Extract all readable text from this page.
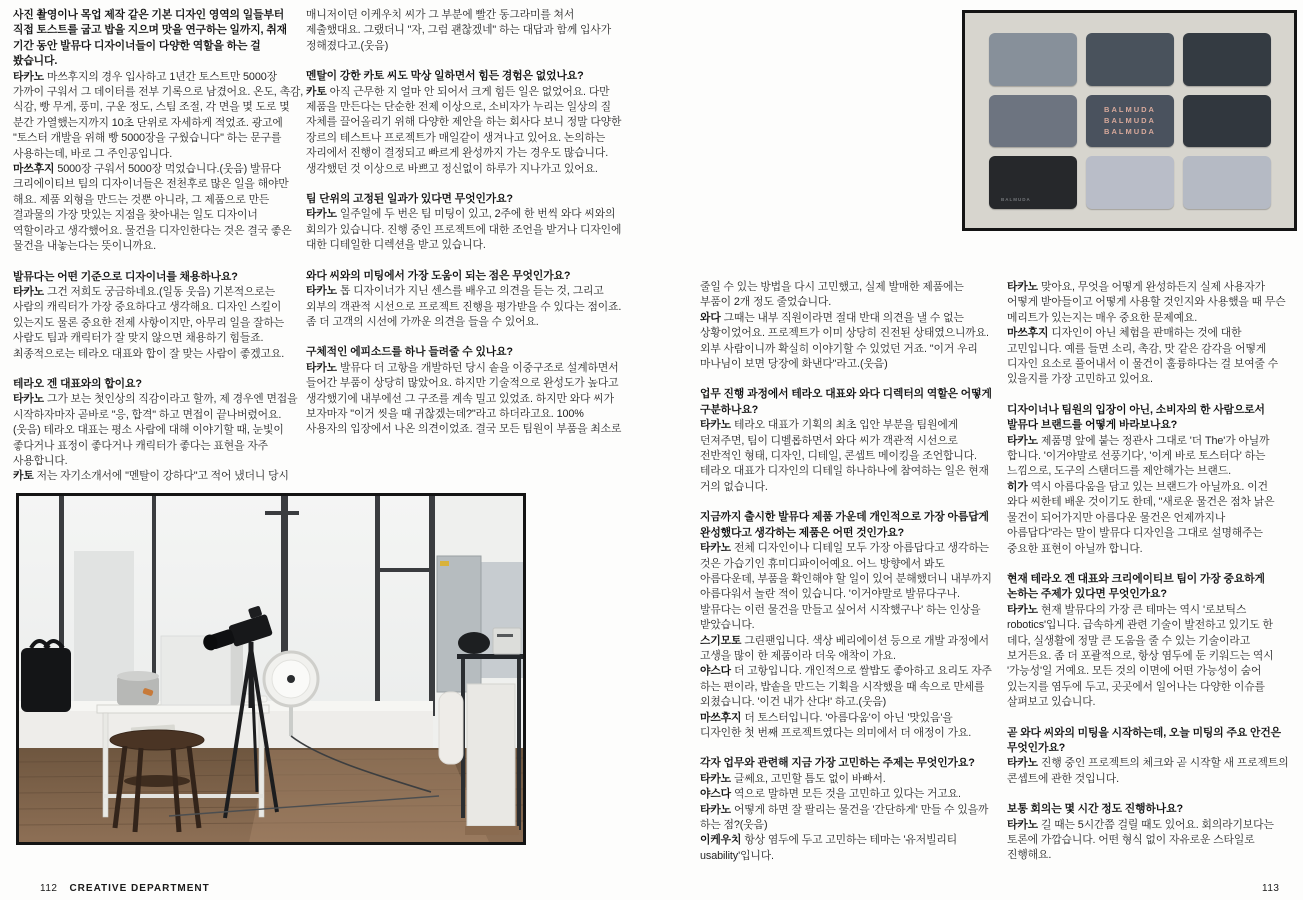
사진 촬영이나 목업 제작 같은 기본 디자인 영역의 일들부터 직접 토스트를 굽고 밥을 지으며 맛을 연구하는 일까지, 취재 기간 동안 발뮤다 디자이너들이 다양한 역할을 하는 걸 봤습니다.

타카노 마쓰후지의 경우 입사하고 1년간 토스트만 5000장 가까이 구워서 그 데이터를 전부 기록으로 남겼어요. 온도, 촉감, 식감, 빵 무게, 풍미, 구운 정도, 스팀 조절, 각 면을 몇 도로 몇 분간 가열했는지까지 10초 단위로 자세하게 적었죠. 광고에 "토스터 개발을 위해 빵 5000장을 구웠습니다" 하는 문구를 사용하는데, 바로 그 주인공입니다.

마쓰후지 5000장 구워서 5000장 먹었습니다.(웃음) 발뮤다 크리에이티브 팀의 디자이너들은 전천후로 많은 일을 해야만 해요. 제품 외형을 만드는 것뿐 아니라, 그 제품으로 만든 결과물의 가장 맛있는 지점을 찾아내는 일도 디자이너 역할이라고 생각했어요. 물건을 디자인한다는 것은 결국 좋은 물건을 내놓는다는 뜻이니까요.

발뮤다는 어떤 기준으로 디자이너를 채용하나요?

타카노 그건 저희도 궁금하네요.(일동 웃음) 기본적으로는 사람의 캐릭터가 가장 중요하다고 생각해요. 디자인 스킬이 있는지도 물론 중요한 전제 사항이지만, 아무리 일을 잘하는 사람도 팀과 캐릭터가 잘 맞지 않으면 채용하기 힘들죠. 최종적으로는 테라오 대표와 합이 잘 맞는 사람이 좋겠고요.

테라오 겐 대표와의 합이요?

타카노 그가 보는 첫인상의 직감이라고 할까, 제 경우엔 면접을 시작하자마자 곧바로 "응, 합격" 하고 면접이 끝나버렸어요.(웃음) 테라오 대표는 평소 사람에 대해 이야기할 때, 눈빛이 좋다거나 표정이 좋다거나 캐릭터가 좋다는 표현을 자주 사용합니다.

카토 저는 자기소개서에 "멘탈이 강하다"고 적어 냈더니 당시

매니저이던 이케우치 씨가 그 부분에 빨간 동그라미를 쳐서 제출했대요. 그랬더니 "자, 그럼 괜찮겠네" 하는 대답과 함께 입사가 정해졌다고.(웃음)

멘탈이 강한 카토 씨도 막상 일하면서 힘든 경험은 없었나요?

카토 아직 근무한 지 얼마 안 되어서 크게 힘든 일은 없었어요. 다만 제품을 만든다는 단순한 전제 이상으로, 소비자가 누리는 일상의 질 자체를 끌어올리기 위해 다양한 제안을 하는 회사다 보니 정말 다양한 장르의 테스트나 프로젝트가 매일같이 생겨나고 있어요. 논의하는 자리에서 진행이 결정되고 빠르게 완성까지 가는 경우도 많습니다. 생각했던 것 이상으로 바쁘고 정신없이 하루가 지나가고 있어요.

팀 단위의 고정된 일과가 있다면 무엇인가요?

타카노 일주일에 두 번은 팀 미팅이 있고, 2주에 한 번씩 와다 씨와의 회의가 있습니다. 진행 중인 프로젝트에 대한 조언을 받거나 디자인에 대한 디테일한 디렉션을 받고 있습니다.

와다 씨와의 미팅에서 가장 도움이 되는 점은 무엇인가요?

타카노 톱 디자이너가 지닌 센스를 배우고 의견을 듣는 것, 그리고 외부의 객관적 시선으로 프로젝트 진행을 평가받을 수 있다는 점이죠. 좀 더 고객의 시선에 가까운 의견을 들을 수 있어요.

구체적인 에피소드를 하나 들려줄 수 있나요?

타카노 발뮤다 더 고항을 개발하던 당시 솥을 이중구조로 설계하면서 들어간 부품이 상당히 많았어요. 하지만 기술적으로 완성도가 높다고 생각했기에 내부에선 그 구조를 계속 밀고 있었죠. 하지만 와다 씨가 보자마자 "이거 씻을 때 귀찮겠는데?"라고 하더라고요. 100% 사용자의 입장에서 나온 의견이었죠. 결국 모든 팀원이 부품을 최소로

112 CREATIVE DEPARTMENT
BALMUDA
BALMUDA
BALMUDA
BALMUDA

줄일 수 있는 방법을 다시 고민했고, 실제 발매한 제품에는 부품이 2개 정도 줄었습니다.

와다 그때는 내부 직원이라면 절대 반대 의견을 낼 수 없는 상황이었어요. 프로젝트가 이미 상당히 진전된 상태였으니까요. 외부 사람이니까 확실히 이야기할 수 있었던 거죠. "이거 우리 마나님이 보면 당장에 화낸다"라고.(웃음)

업무 진행 과정에서 테라오 대표와 와다 디렉터의 역할은 어떻게 구분하나요?

타카노 테라오 대표가 기획의 최초 입안 부분을 팀원에게 던져주면, 팀이 디벨롭하면서 와다 씨가 객관적 시선으로 전반적인 형태, 디자인, 디테일, 콘셉트 메이킹을 조언합니다. 테라오 대표가 디자인의 디테일 하나하나에 참여하는 일은 현재 거의 없습니다.

지금까지 출시한 발뮤다 제품 가운데 개인적으로 가장 아름답게 완성했다고 생각하는 제품은 어떤 것인가요?

타카노 전체 디자인이나 디테일 모두 가장 아름답다고 생각하는 것은 가습기인 휴미디파이어예요. 어느 방향에서 봐도 아름다운데, 부품을 확인해야 할 일이 있어 분해했더니 내부까지 아름다워서 놀란 적이 있습니다. '이거야말로 발뮤다구나. 발뮤다는 이런 물건을 만들고 싶어서 시작했구나' 하는 인상을 받았습니다.

스기모토 그린팬입니다. 색상 베리에이션 등으로 개발 과정에서 고생을 많이 한 제품이라 더욱 애착이 가요.

야스다 더 고항입니다. 개인적으로 쌀밥도 좋아하고 요리도 자주 하는 편이라, 밥솥을 만드는 기획을 시작했을 때 속으로 만세를 외쳤습니다. '이건 내가 산다!' 하고.(웃음)

마쓰후지 더 토스터입니다. '아름다움'이 아닌 '맛있음'을 디자인한 첫 번째 프로젝트였다는 의미에서 더 애정이 가요.

각자 업무와 관련해 지금 가장 고민하는 주제는 무엇인가요?

타카노 글쎄요, 고민할 틈도 없이 바빠서.

야스다 역으로 말하면 모든 것을 고민하고 있다는 거고요.

타카노 어떻게 하면 잘 팔리는 물건을 '간단하게' 만들 수 있을까 하는 점?(웃음)

이케우치 항상 염두에 두고 고민하는 테마는 '유저빌리티 usability'입니다.

타카노 맞아요, 무엇을 어떻게 완성하든지 실제 사용자가 어떻게 받아들이고 어떻게 사용할 것인지와 사용했을 때 무슨 메리트가 있는지는 매우 중요한 문제예요.

마쓰후지 디자인이 아닌 체험을 판매하는 것에 대한 고민입니다. 예를 들면 소리, 촉감, 맛 같은 감각을 어떻게 디자인 요소로 풀어내서 이 물건이 훌륭하다는 걸 보여줄 수 있을지를 가장 고민하고 있어요.

디자이너나 팀원의 입장이 아닌, 소비자의 한 사람으로서 발뮤다 브랜드를 어떻게 바라보나요?

타카노 제품명 앞에 붙는 정관사 그대로 '더 The'가 아닐까 합니다. '이거야말로 선풍기다', '이게 바로 토스터다' 하는 느낌으로, 도구의 스탠더드를 제안해가는 브랜드.

히가 역시 아름다움을 담고 있는 브랜드가 아닐까요. 이건 와다 씨한테 배운 것이기도 한데, "새로운 물건은 점차 낡은 물건이 되어가지만 아름다운 물건은 언제까지나 아름답다"라는 말이 발뮤다 디자인을 그대로 설명해주는 중요한 표현이 아닐까 합니다.

현재 테라오 겐 대표와 크리에이티브 팀이 가장 중요하게 논하는 주제가 있다면 무엇인가요?

타카노 현재 발뮤다의 가장 큰 테마는 역시 '로보틱스 robotics'입니다. 급속하게 관련 기술이 발전하고 있기도 한 데다, 실생활에 정말 큰 도움을 줄 수 있는 기술이라고 보거든요. 좀 더 포괄적으로, 항상 염두에 둔 키워드는 역시 '가능성'일 거예요. 모든 것의 이면에 어떤 가능성이 숨어 있는지를 염두에 두고, 곳곳에서 일어나는 다양한 이슈를 살펴보고 있습니다.

곧 와다 씨와의 미팅을 시작하는데, 오늘 미팅의 주요 안건은 무엇인가요?

타카노 진행 중인 프로젝트의 체크와 곧 시작할 새 프로젝트의 콘셉트에 관한 것입니다.

보통 회의는 몇 시간 정도 진행하나요?

타카노 길 때는 5시간쯤 걸릴 때도 있어요. 회의라기보다는 토론에 가깝습니다. 어떤 형식 없이 자유로운 스타일로 진행해요.

113
